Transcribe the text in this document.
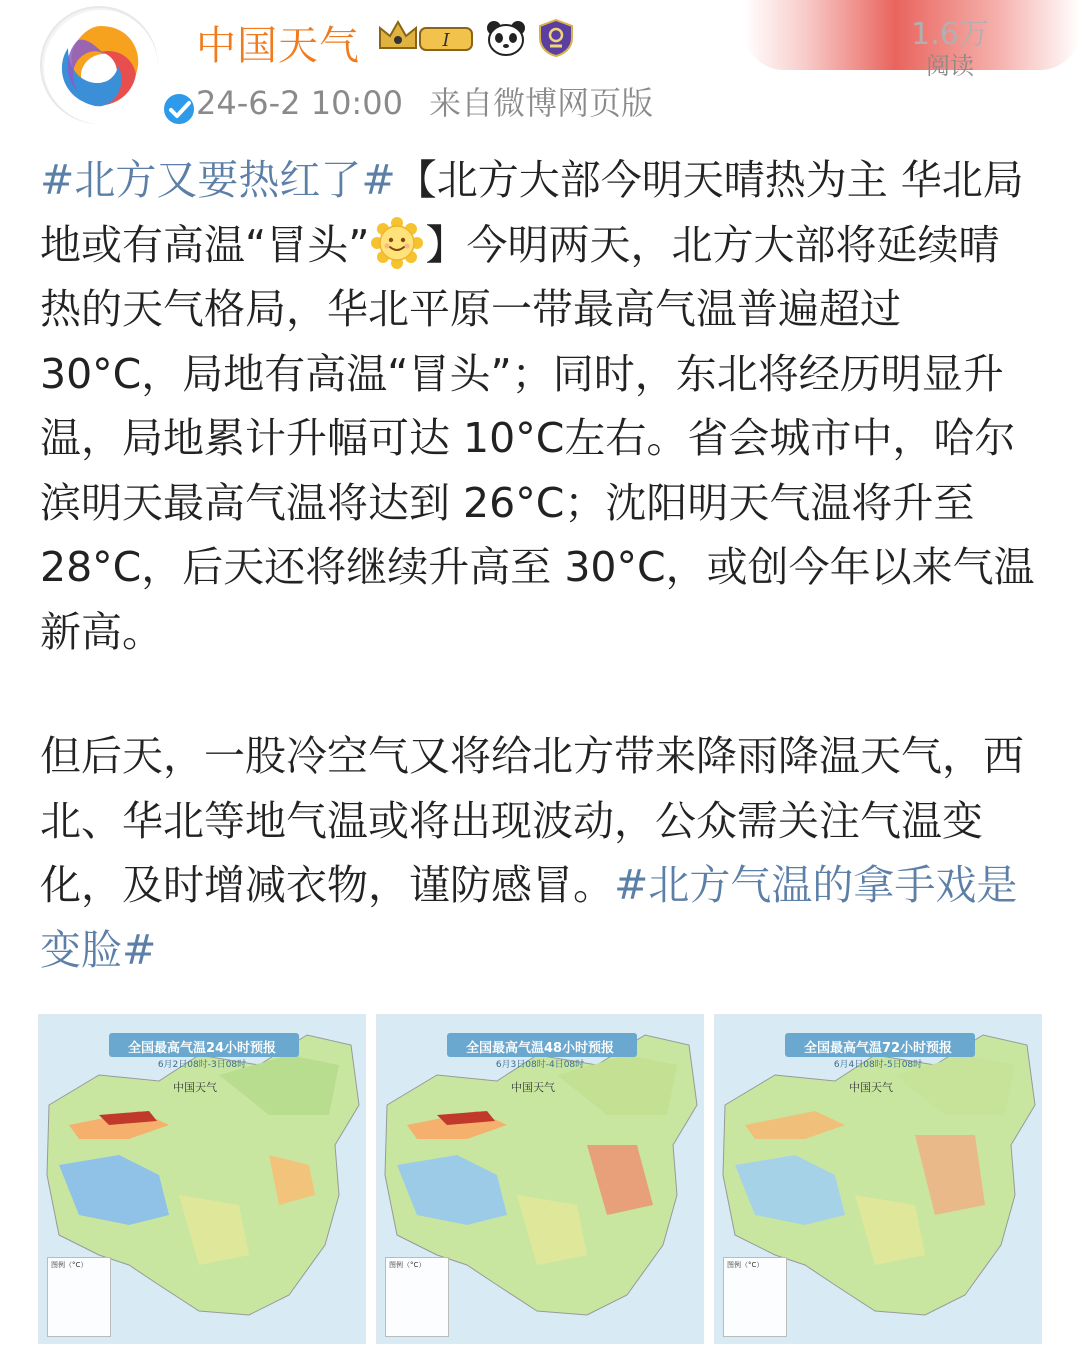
中国天气	I
24-6-2 10:00 来自微博网页版
1.6万
阅读

#北方又要热红了#【北方大部今明天晴热为主 华北局地或有高温“冒头” 】今明两天，北方大部将延续晴热的天气格局，华北平原一带最高气温普遍超过 30°C，局地有高温“冒头”；同时，东北将经历明显升温，局地累计升幅可达 10°C左右。省会城市中，哈尔滨明天最高气温将达到 26°C；沈阳明天气温将升至 28°C，后天还将继续升高至 30°C，或创今年以来气温新高。

但后天，一股冷空气又将给北方带来降雨降温天气，西北、华北等地气温或将出现波动，公众需关注气温变化，及时增减衣物，谨防感冒。#北方气温的拿手戏是变脸#

全国最高气温24小时预报
6月2日08时-3日08时
中国天气
图例（°C）
全国最高气温48小时预报
6月3日08时-4日08时
中国天气
图例（°C）
全国最高气温72小时预报
6月4日08时-5日08时
中国天气
图例（°C）
